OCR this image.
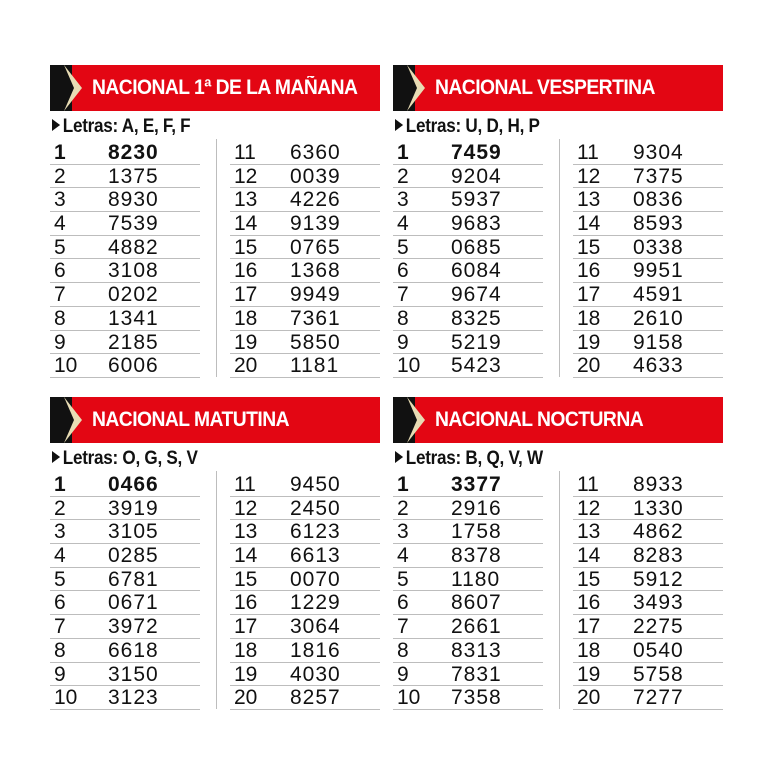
NACIONAL 1ª DE LA MAÑANA
Letras: A, E, F, F
1 8230
2 1375
3 8930
4 7539
5 4882
6 3108
7 0202
8 1341
9 2185
10 6006
11 6360
12 0039
13 4226
14 9139
15 0765
16 1368
17 9949
18 7361
19 5850
20 1181
NACIONAL VESPERTINA
Letras: U, D, H, P
1 7459
2 9204
3 5937
4 9683
5 0685
6 6084
7 9674
8 8325
9 5219
10 5423
11 9304
12 7375
13 0836
14 8593
15 0338
16 9951
17 4591
18 2610
19 9158
20 4633
NACIONAL MATUTINA
Letras: O, G, S, V
1 0466
2 3919
3 3105
4 0285
5 6781
6 0671
7 3972
8 6618
9 3150
10 3123
11 9450
12 2450
13 6123
14 6613
15 0070
16 1229
17 3064
18 1816
19 4030
20 8257
NACIONAL NOCTURNA
Letras: B, Q, V, W
1 3377
2 2916
3 1758
4 8378
5 1180
6 8607
7 2661
8 8313
9 7831
10 7358
11 8933
12 1330
13 4862
14 8283
15 5912
16 3493
17 2275
18 0540
19 5758
20 7277
